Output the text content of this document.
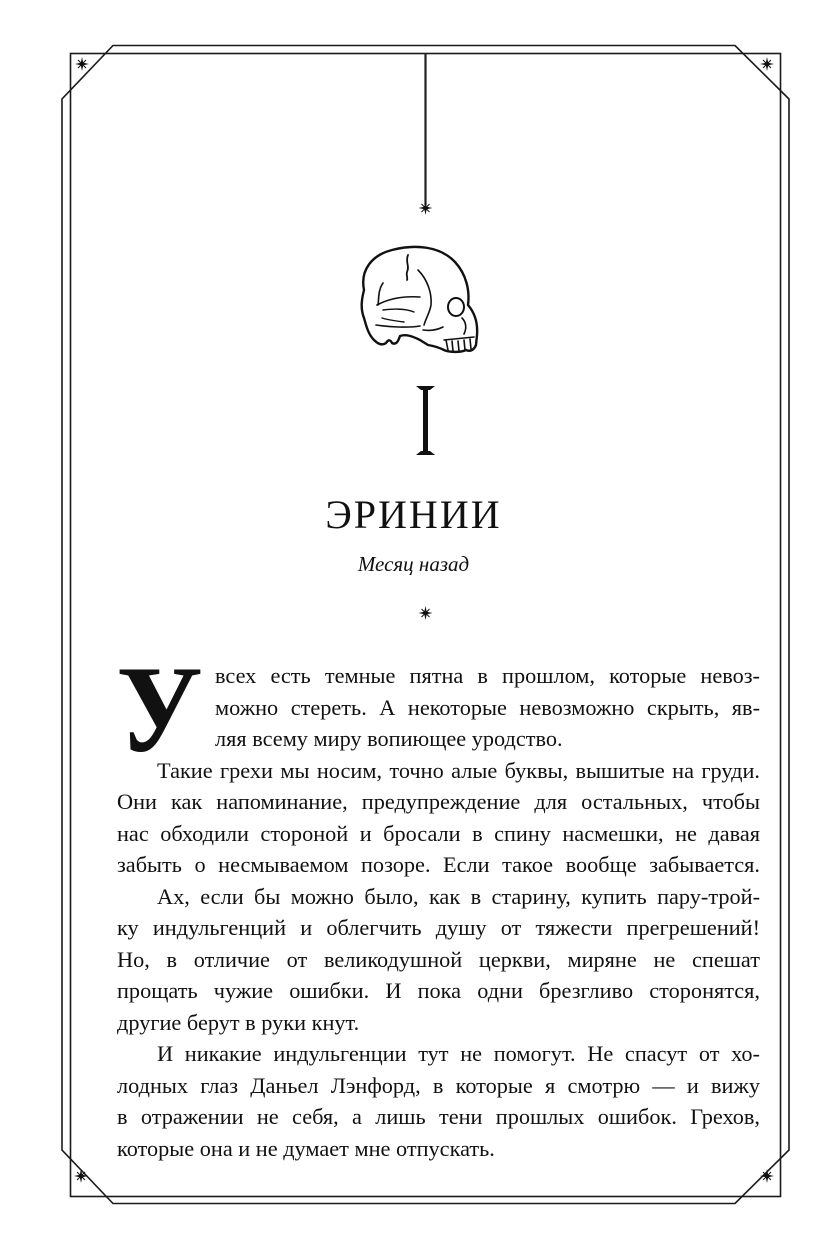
ЭРИНИИ
Месяц назад

У всех есть темные пятна в прошлом, которые невоз-
можно стереть. А некоторые невозможно скрыть, яв-
ляя всему миру вопиющее уродство.

Такие грехи мы носим, точно алые буквы, вышитые на груди.
Они как напоминание, предупреждение для остальных, чтобы
нас обходили стороной и бросали в спину насмешки, не давая
забыть о несмываемом позоре. Если такое вообще забывается.

Ах, если бы можно было, как в старину, купить пару-трой-
ку индульгенций и облегчить душу от тяжести прегрешений!
Но, в отличие от великодушной церкви, миряне не спешат
прощать чужие ошибки. И пока одни брезгливо сторонятся,
другие берут в руки кнут.

И никакие индульгенции тут не помогут. Не спасут от хо-
лодных глаз Даньел Лэнфорд, в которые я смотрю — и вижу
в отражении не себя, а лишь тени прошлых ошибок. Грехов,
которые она и не думает мне отпускать.
